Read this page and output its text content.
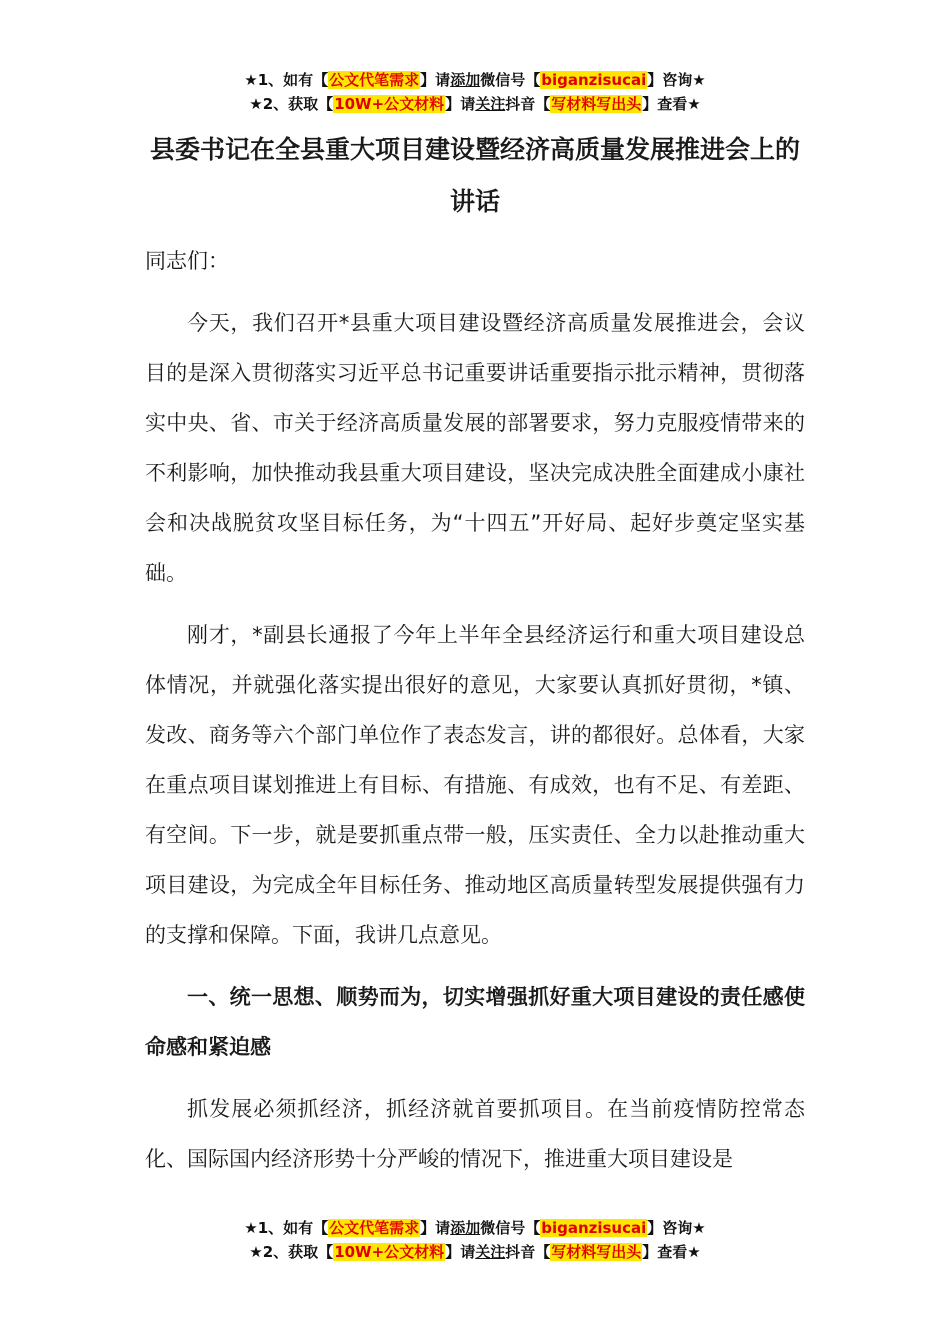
★1、如有【公文代笔需求】请添加微信号【biganzisucai】咨询★
★2、获取【10W+公文材料】请关注抖音【写材料写出头】查看★
县委书记在全县重大项目建设暨经济高质量发展推进会上的讲话

同志们：

今天，我们召开*县重大项目建设暨经济高质量发展推进会，会议目的是深入贯彻落实习近平总书记重要讲话重要指示批示精神，贯彻落实中央、省、市关于经济高质量发展的部署要求，努力克服疫情带来的不利影响，加快推动我县重大项目建设，坚决完成决胜全面建成小康社会和决战脱贫攻坚目标任务，为“十四五”开好局、起好步奠定坚实基础。

刚才，*副县长通报了今年上半年全县经济运行和重大项目建设总体情况，并就强化落实提出很好的意见，大家要认真抓好贯彻，*镇、发改、商务等六个部门单位作了表态发言，讲的都很好。总体看，大家在重点项目谋划推进上有目标、有措施、有成效，也有不足、有差距、有空间。下一步，就是要抓重点带一般，压实责任、全力以赴推动重大项目建设，为完成全年目标任务、推动地区高质量转型发展提供强有力的支撑和保障。下面，我讲几点意见。

一、统一思想、顺势而为，切实增强抓好重大项目建设的责任感使命感和紧迫感

抓发展必须抓经济，抓经济就首要抓项目。在当前疫情防控常态化、国际国内经济形势十分严峻的情况下，推进重大项目建设是

★1、如有【公文代笔需求】请添加微信号【biganzisucai】咨询★
★2、获取【10W+公文材料】请关注抖音【写材料写出头】查看★
